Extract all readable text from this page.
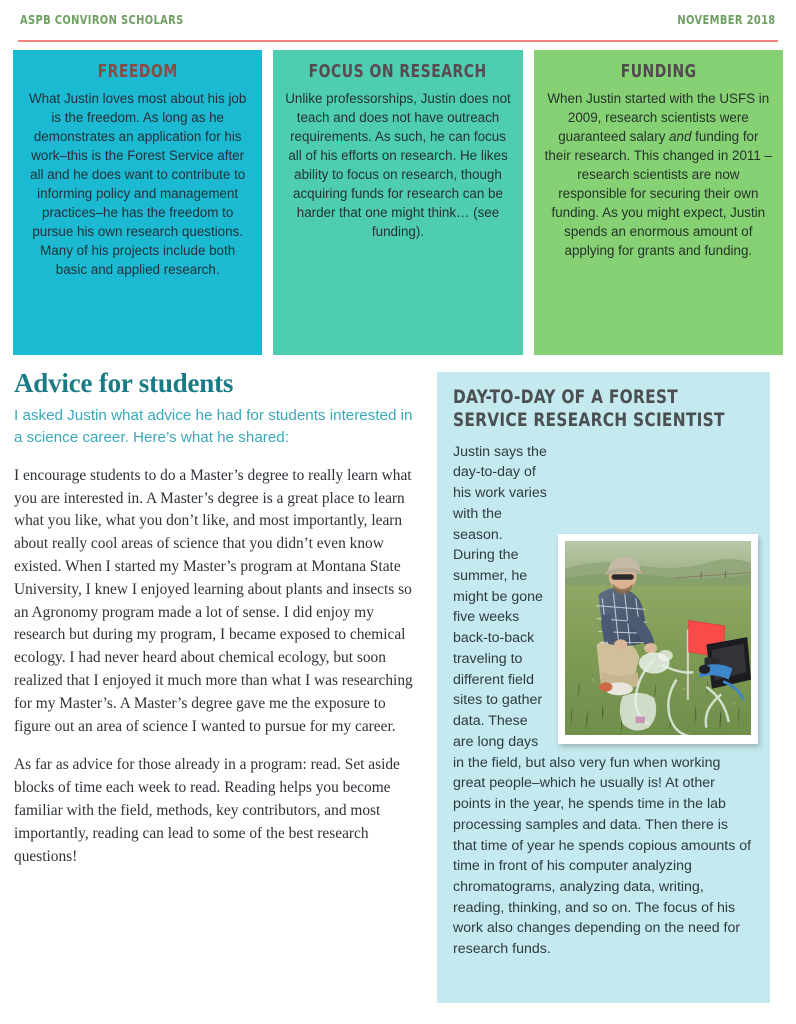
ASPB CONVIRON SCHOLARS	NOVEMBER 2018
FREEDOM
What Justin loves most about his job is the freedom. As long as he demonstrates an application for his work–this is the Forest Service after all and he does want to contribute to informing policy and management practices–he has the freedom to pursue his own research questions. Many of his projects include both basic and applied research.
FOCUS ON RESEARCH
Unlike professorships, Justin does not teach and does not have outreach requirements. As such, he can focus all of his efforts on research. He likes ability to focus on research, though acquiring funds for research can be harder that one might think… (see funding).
FUNDING
When Justin started with the USFS in 2009, research scientists were guaranteed salary and funding for their research. This changed in 2011 –research scientists are now responsible for securing their own funding. As you might expect, Justin spends an enormous amount of applying for grants and funding.
Advice for students

I asked Justin what advice he had for students interested in a science career. Here’s what he shared:

I encourage students to do a Master’s degree to really learn what you are interested in. A Master’s degree is a great place to learn what you like, what you don’t like, and most importantly, learn about really cool areas of science that you didn’t even know existed. When I started my Master’s program at Montana State University, I knew I enjoyed learning about plants and insects so an Agronomy program made a lot of sense. I did enjoy my research but during my program, I became exposed to chemical ecology. I had never heard about chemical ecology, but soon realized that I enjoyed it much more than what I was researching for my Master’s. A Master’s degree gave me the exposure to figure out an area of science I wanted to pursue for my career.

As far as advice for those already in a program: read. Set aside blocks of time each week to read. Reading helps you become familiar with the field, methods, key contributors, and most importantly, reading can lead to some of the best research questions!

DAY-TO-DAY OF A FOREST SERVICE RESEARCH SCIENTIST

Justin says the day-to-day of his work varies with the season. During the summer, he might be gone five weeks back-to-back traveling to different field sites to gather data. These are long days in the field, but also very fun when working great people–which he usually is! At other points in the year, he spends time in the lab processing samples and data. Then there is that time of year he spends copious amounts of time in front of his computer analyzing chromatograms, analyzing data, writing, reading, thinking, and so on. The focus of his work also changes depending on the need for research funds.
